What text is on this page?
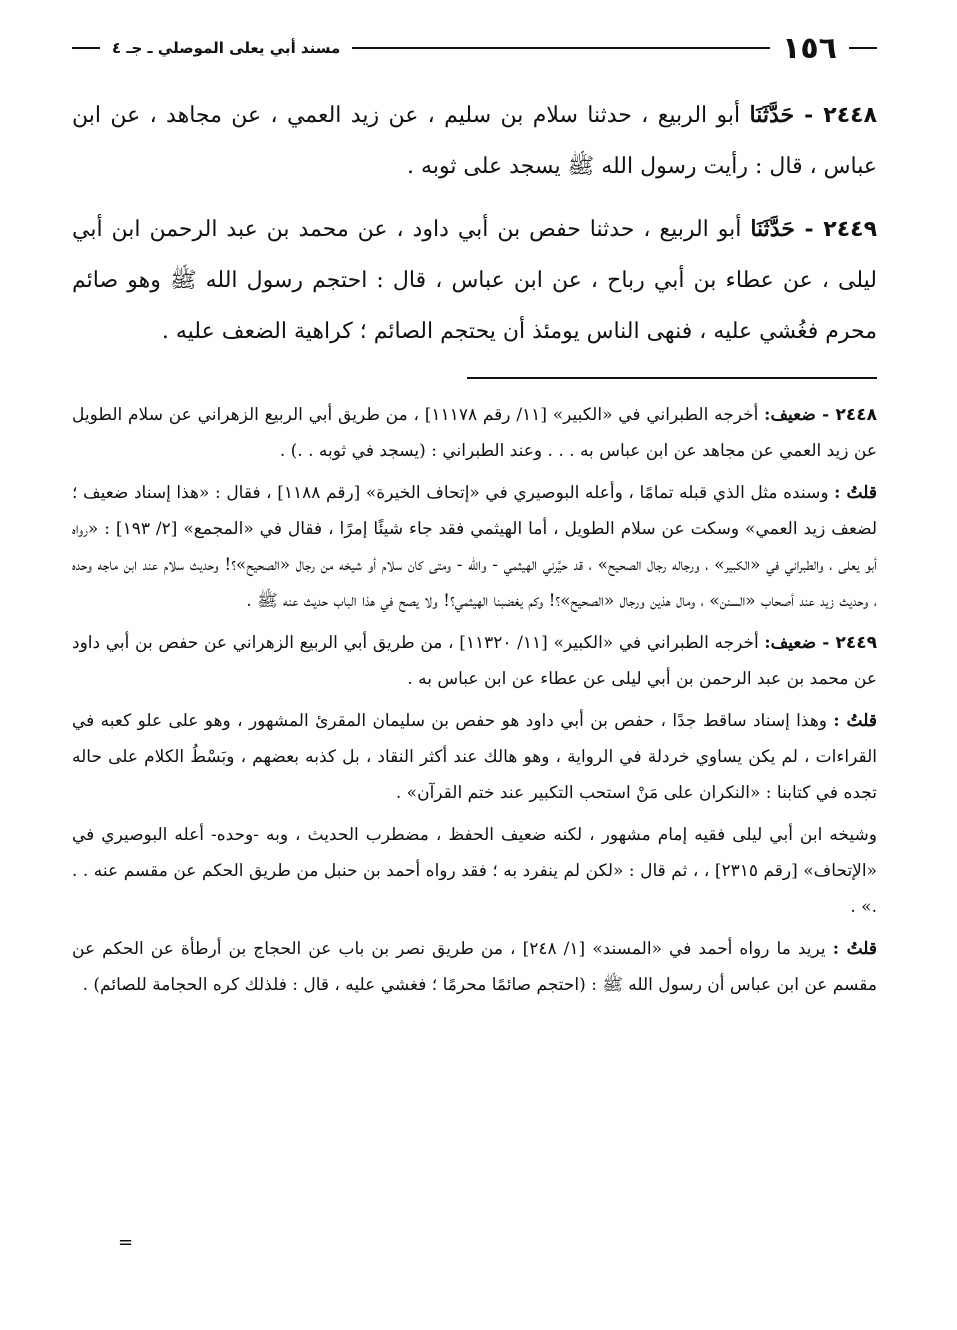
١٥٦
مسند أبي يعلى الموصلي ـ جـ ٤

٢٤٤٨ - حَدَّثَنَا أبو الربيع ، حدثنا سلام بن سليم ، عن زيد العمي ، عن مجاهد ، عن ابن عباس ، قال : رأيت رسول الله ﷺ يسجد على ثوبه .

٢٤٤٩ - حَدَّثَنَا أبو الربيع ، حدثنا حفص بن أبي داود ، عن محمد بن عبد الرحمن ابن أبي ليلى ، عن عطاء بن أبي رباح ، عن ابن عباس ، قال : احتجم رسول الله ﷺ وهو صائم محرم فغُشي عليه ، فنهى الناس يومئذ أن يحتجم الصائم ؛ كراهية الضعف عليه .

٢٤٤٨ - ضعيف: أخرجه الطبراني في «الكبير» [١١/ رقم ١١١٧٨] ، من طريق أبي الربيع الزهراني عن سلام الطويل عن زيد العمي عن مجاهد عن ابن عباس به . . . وعند الطبراني : (يسجد في ثوبه . .) .

قلتُ : وسنده مثل الذي قبله تمامًا ، وأعله البوصيري في «إتحاف الخيرة» [رقم ١١٨٨] ، فقال : «هذا إسناد ضعيف ؛ لضعف زيد العمي» وسكت عن سلام الطويل ، أما الهيثمي فقد جاء شيئًا إمرًا ، فقال في «المجمع» [٢/ ١٩٣] : «رواه أبو يعلى ، والطبراني في «الكبير» ، ورجاله رجال الصحيح» ، قد حيَّرني الهيثمي - والله - ومتى كان سلام أو شيخه من رجال «الصحيح»؟! وحديث سلام عند ابن ماجه وحده ، وحديث زيد عند أصحاب «السنن» ، ومال هذين ورجال «الصحيح»؟! وكم يغضبنا الهيثمي؟! ولا يصح في هذا الباب حديث عنه ﷺ .

٢٤٤٩ - ضعيف: أخرجه الطبراني في «الكبير» [١١/ ١١٣٢٠] ، من طريق أبي الربيع الزهراني عن حفص بن أبي داود عن محمد بن عبد الرحمن بن أبي ليلى عن عطاء عن ابن عباس به .

قلتُ : وهذا إسناد ساقط جدًا ، حفص بن أبي داود هو حفص بن سليمان المقرئ المشهور ، وهو على علو كعبه في القراءات ، لم يكن يساوي خردلة في الرواية ، وهو هالك عند أكثر النقاد ، بل كذبه بعضهم ، وبَسْطُ الكلام على حاله تجده في كتابنا : «النكران على مَنْ استحب التكبير عند ختم القرآن» .

وشيخه ابن أبي ليلى فقيه إمام مشهور ، لكنه ضعيف الحفظ ، مضطرب الحديث ، وبه -وحده- أعله البوصيري في «الإتحاف» [رقم ٢٣١٥] ، ، ثم قال : «لكن لم ينفرد به ؛ فقد رواه أحمد بن حنبل من طريق الحكم عن مقسم عنه . . .» .

قلتُ : يريد ما رواه أحمد في «المسند» [١/ ٢٤٨] ، من طريق نصر بن باب عن الحجاج بن أرطأة عن الحكم عن مقسم عن ابن عباس أن رسول الله ﷺ : (احتجم صائمًا محرمًا ؛ فغشي عليه ، قال : فلذلك كره الحجامة للصائم) .

=
